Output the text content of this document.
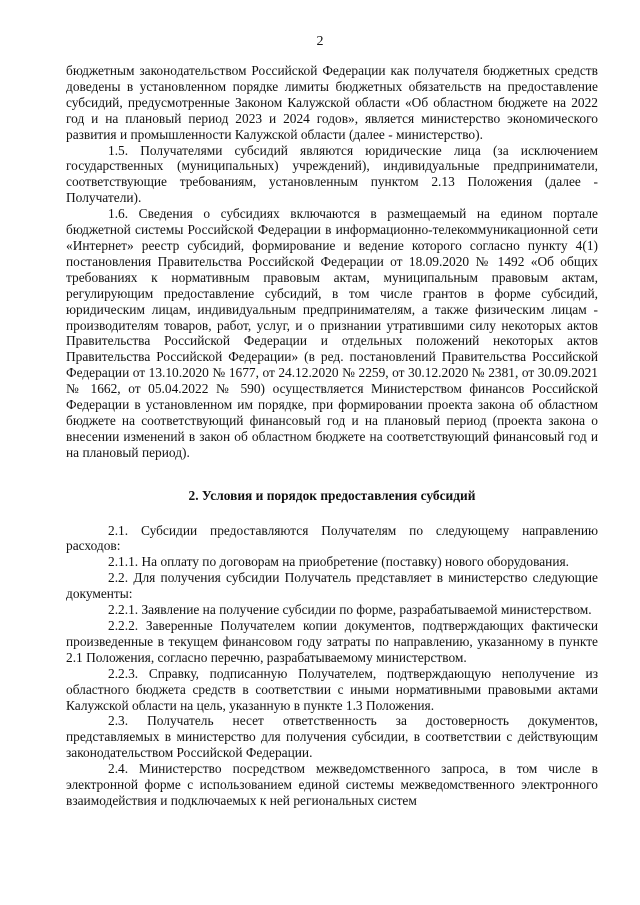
2

бюджетным законодательством Российской Федерации как получателя бюджетных средств доведены в установленном порядке лимиты бюджетных обязательств на предоставление субсидий, предусмотренные Законом Калужской области «Об областном бюджете на 2022 год и на плановый период 2023 и 2024 годов», является министерство экономического развития и промышленности Калужской области (далее - министерство).

1.5. Получателями субсидий являются юридические лица (за исключением государственных (муниципальных) учреждений), индивидуальные предприниматели, соответствующие требованиям, установленным пунктом 2.13 Положения (далее - Получатели).

1.6. Сведения о субсидиях включаются в размещаемый на едином портале бюджетной системы Российской Федерации в информационно-телекоммуникационной сети «Интернет» реестр субсидий, формирование и ведение которого согласно пункту 4(1) постановления Правительства Российской Федерации от 18.09.2020 № 1492 «Об общих требованиях к нормативным правовым актам, муниципальным правовым актам, регулирующим предоставление субсидий, в том числе грантов в форме субсидий, юридическим лицам, индивидуальным предпринимателям, а также физическим лицам - производителям товаров, работ, услуг, и о признании утратившими силу некоторых актов Правительства Российской Федерации и отдельных положений некоторых актов Правительства Российской Федерации» (в ред. постановлений Правительства Российской Федерации от 13.10.2020 № 1677, от 24.12.2020 № 2259, от 30.12.2020 № 2381, от 30.09.2021 № 1662, от 05.04.2022 № 590) осуществляется Министерством финансов Российской Федерации в установленном им порядке, при формировании проекта закона об областном бюджете на соответствующий финансовый год и на плановый период (проекта закона о внесении изменений в закон об областном бюджете на соответствующий финансовый год и на плановый период).

2. Условия и порядок предоставления субсидий

2.1. Субсидии предоставляются Получателям по следующему направлению расходов:

2.1.1. На оплату по договорам на приобретение (поставку) нового оборудования.

2.2. Для получения субсидии Получатель представляет в министерство следующие документы:

2.2.1. Заявление на получение субсидии по форме, разрабатываемой министерством.

2.2.2. Заверенные Получателем копии документов, подтверждающих фактически произведенные в текущем финансовом году затраты по направлению, указанному в пункте 2.1 Положения, согласно перечню, разрабатываемому министерством.

2.2.3. Справку, подписанную Получателем, подтверждающую неполучение из областного бюджета средств в соответствии с иными нормативными правовыми актами Калужской области на цель, указанную в пункте 1.3 Положения.

2.3. Получатель несет ответственность за достоверность документов, представляемых в министерство для получения субсидии, в соответствии с действующим законодательством Российской Федерации.

2.4. Министерство посредством межведомственного запроса, в том числе в электронной форме с использованием единой системы межведомственного электронного взаимодействия и подключаемых к ней региональных систем
